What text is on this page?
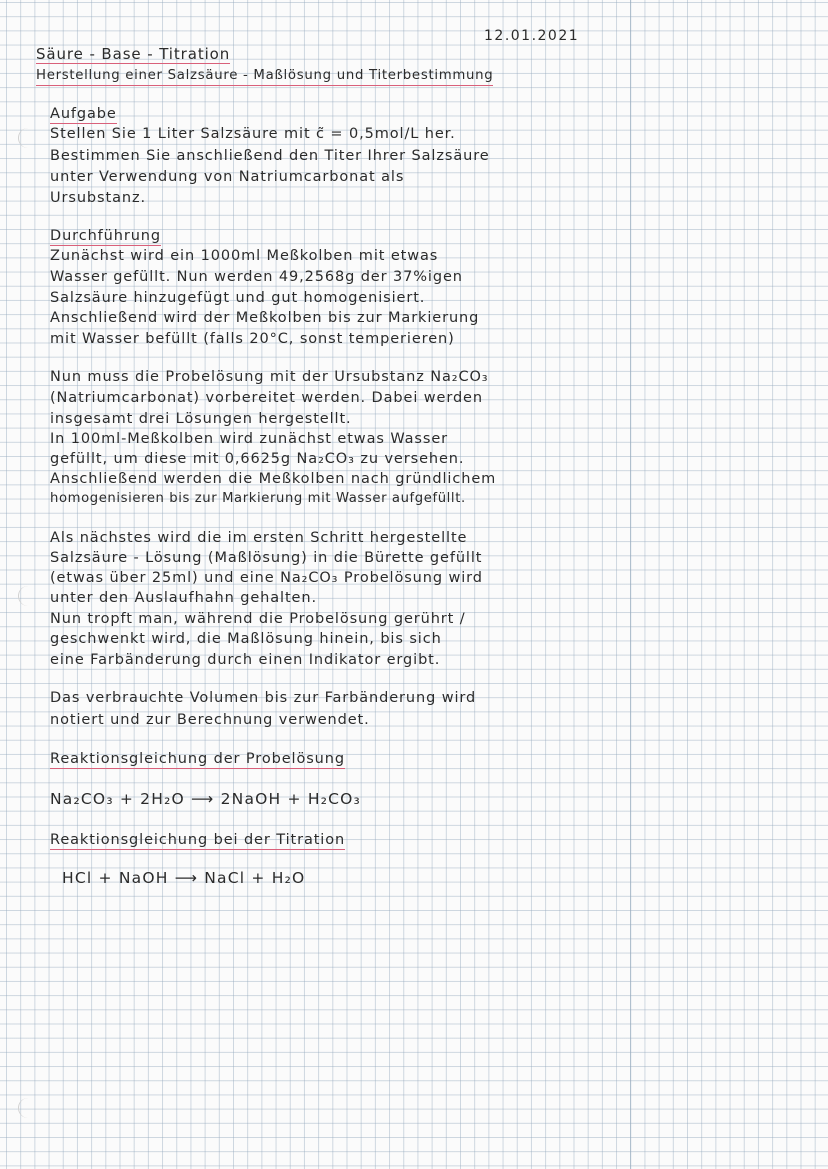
12.01.2021
Säure - Base - Titration
Herstellung einer Salzsäure - Maßlösung und Titerbestimmung
Aufgabe
Stellen Sie 1 Liter Salzsäure mit c̃ = 0,5mol/L her.
Bestimmen Sie anschließend den Titer Ihrer Salzsäure
unter Verwendung von Natriumcarbonat als
Ursubstanz.
Durchführung
Zunächst wird ein 1000ml Meßkolben mit etwas
Wasser gefüllt. Nun werden 49,2568g der 37%igen
Salzsäure hinzugefügt und gut homogenisiert.
Anschließend wird der Meßkolben bis zur Markierung
mit Wasser befüllt (falls 20°C, sonst temperieren)
Nun muss die Probelösung mit der Ursubstanz Na₂CO₃
(Natriumcarbonat) vorbereitet werden. Dabei werden
insgesamt drei Lösungen hergestellt.
In 100ml-Meßkolben wird zunächst etwas Wasser
gefüllt, um diese mit 0,6625g Na₂CO₃ zu versehen.
Anschließend werden die Meßkolben nach gründlichem
homogenisieren bis zur Markierung mit Wasser aufgefüllt.
Als nächstes wird die im ersten Schritt hergestellte
Salzsäure - Lösung (Maßlösung) in die Bürette gefüllt
(etwas über 25ml) und eine Na₂CO₃ Probelösung wird
unter den Auslaufhahn gehalten.
Nun tropft man, während die Probelösung gerührt /
geschwenkt wird, die Maßlösung hinein, bis sich
eine Farbänderung durch einen Indikator ergibt.
Das verbrauchte Volumen bis zur Farbänderung wird
notiert und zur Berechnung verwendet.
Reaktionsgleichung der Probelösung
Na₂CO₃ + 2H₂O ⟶ 2NaOH + H₂CO₃
Reaktionsgleichung bei der Titration
HCl + NaOH ⟶ NaCl + H₂O
